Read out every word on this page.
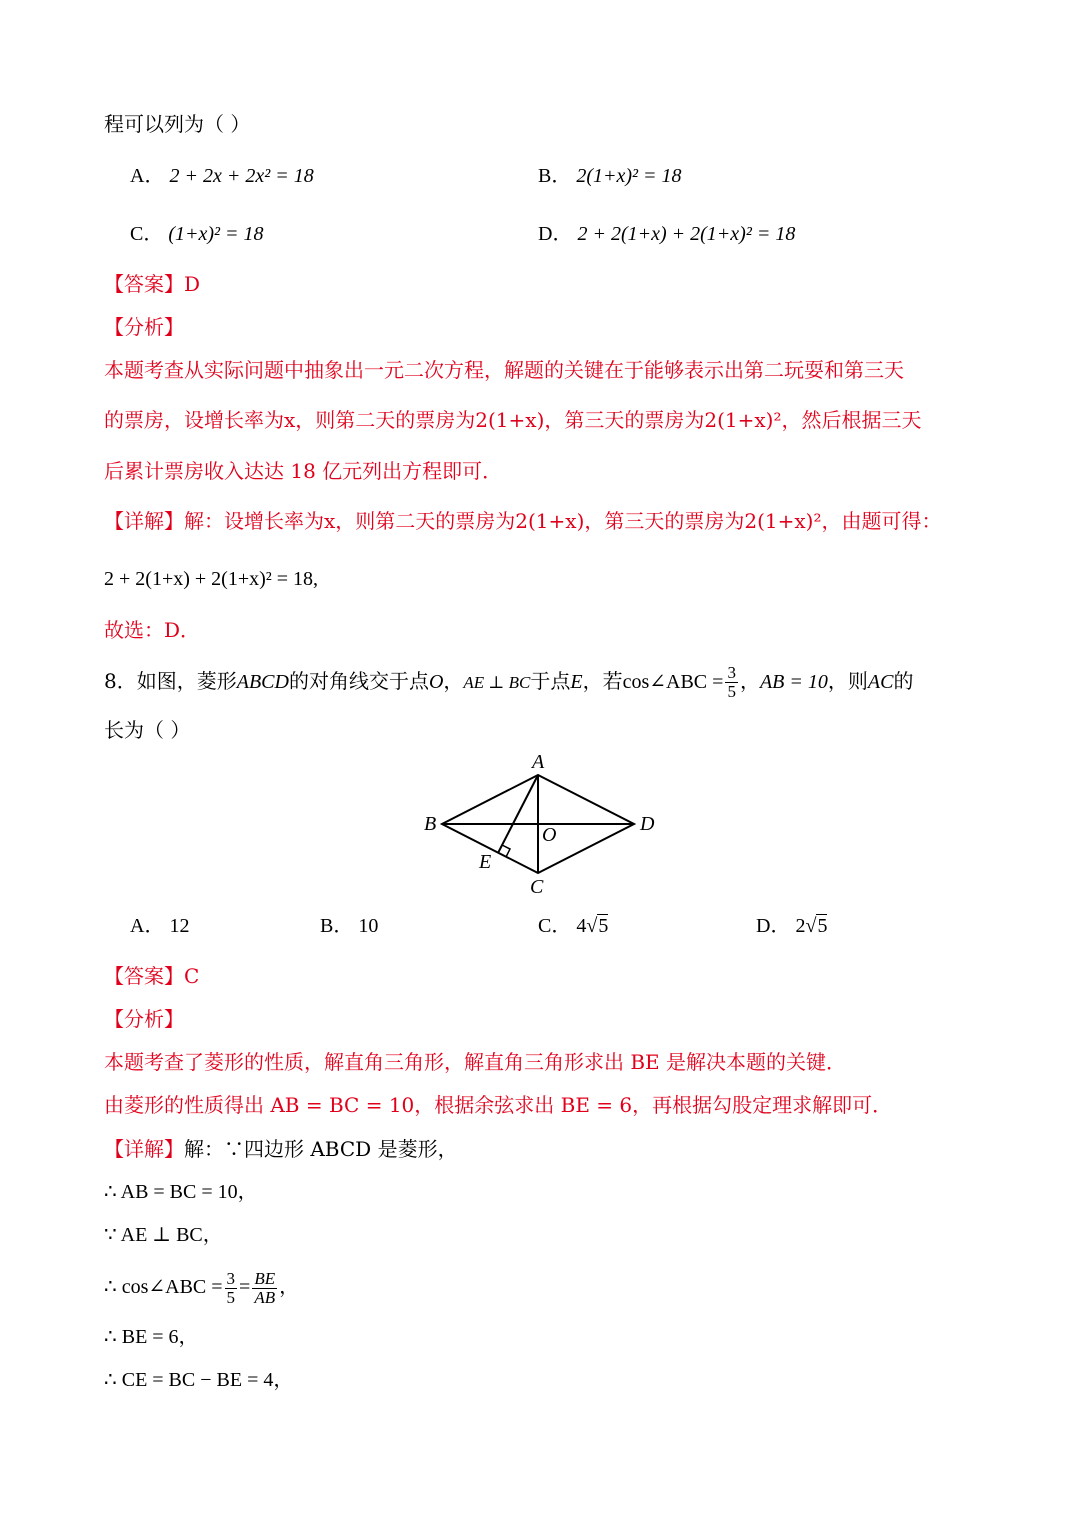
程可以列为（ ）
A． 2 + 2x + 2x² = 18	B． 2(1+x)² = 18
C． (1+x)² = 18	D． 2 + 2(1+x) + 2(1+x)² = 18
【答案】D
【分析】
本题考查从实际问题中抽象出一元二次方程，解题的关键在于能够表示出第二玩耍和第三天
的票房，设增长率为x，则第二天的票房为2(1+x)，第三天的票房为2(1+x)²，然后根据三天
后累计票房收入达达 18 亿元列出方程即可．
【详解】解：设增长率为x，则第二天的票房为2(1+x)，第三天的票房为2(1+x)²，由题可得：
2 + 2(1+x) + 2(1+x)² = 18,
故选：D．
8．如图，菱形ABCD的对角线交于点O，AE ⊥ BC于点E，若cos∠ABC = $\frac{3}{5}$ ，AB = 10，则AC的
长为（ ）
A
B
C
D
O
E
A． 12	B． 10	C． 4√5	D． 2√5
【答案】C
【分析】
本题考查了菱形的性质，解直角三角形，解直角三角形求出 BE 是解决本题的关键．
由菱形的性质得出 AB = BC = 10，根据余弦求出 BE = 6，再根据勾股定理求解即可．
【详解】解：∵四边形 ABCD 是菱形，
∴ AB = BC = 10，
∵ AE ⊥ BC，
∴ cos∠ABC = $\frac{3}{5} = \frac{BE}{AB}$ ，
∴ BE = 6，
∴ CE = BC − BE = 4，
